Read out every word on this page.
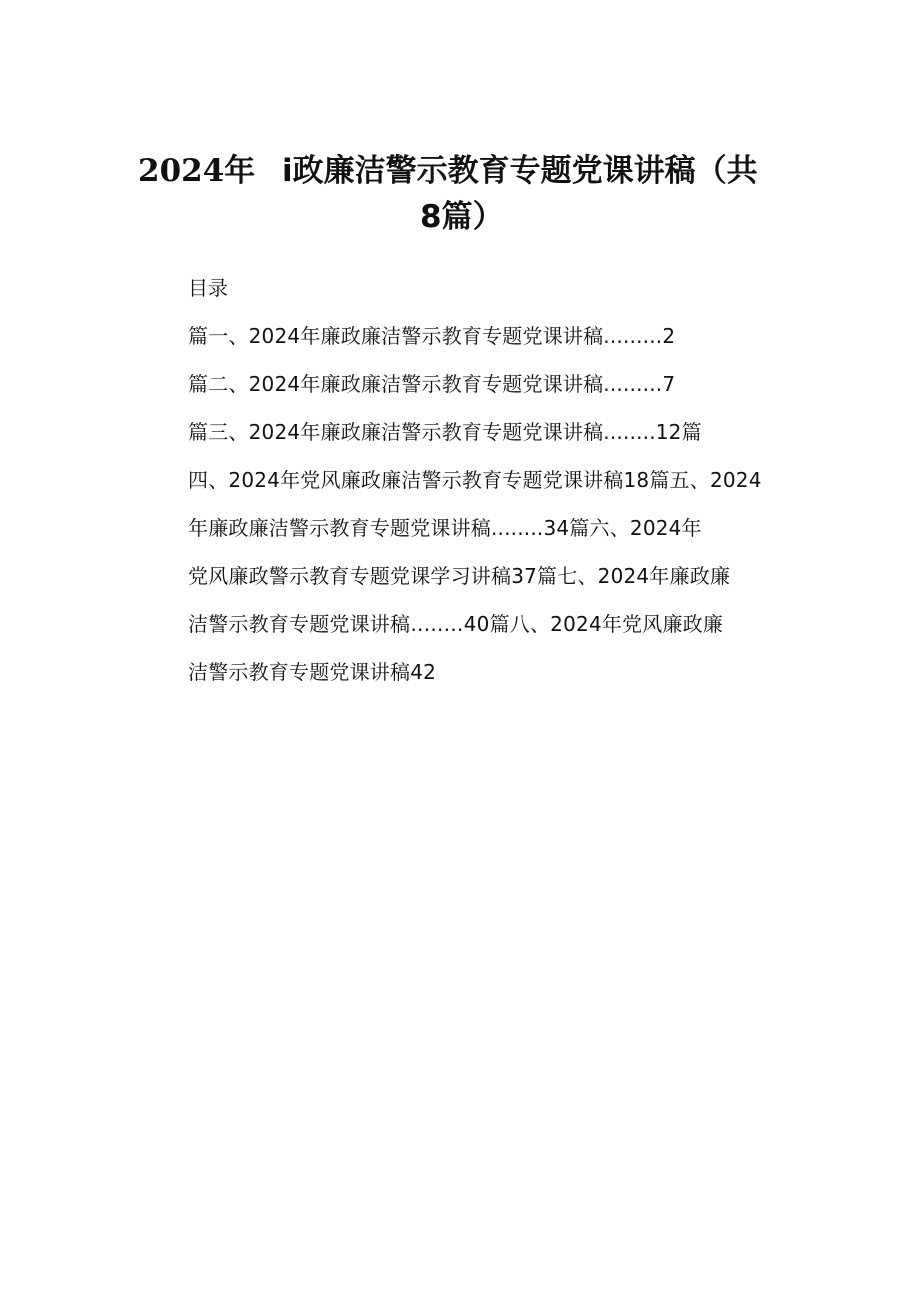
2024年 i政廉洁警示教育专题党课讲稿（共
8篇）
目录
篇一、2024年廉政廉洁警示教育专题党课讲稿.........2
篇二、2024年廉政廉洁警示教育专题党课讲稿.........7
篇三、2024年廉政廉洁警示教育专题党课讲稿........12篇
四、2024年党风廉政廉洁警示教育专题党课讲稿18篇五、2024
年廉政廉洁警示教育专题党课讲稿........34篇六、2024年
党风廉政警示教育专题党课学习讲稿37篇七、2024年廉政廉
洁警示教育专题党课讲稿…..…40篇八、2024年党风廉政廉
洁警示教育专题党课讲稿42
